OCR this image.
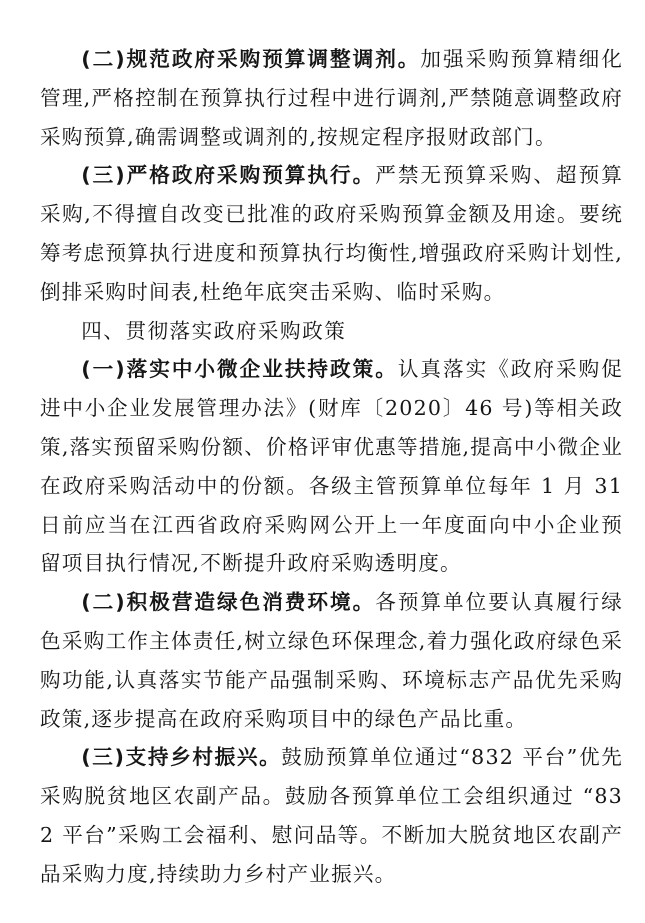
(二)规范政府采购预算调整调剂。加强采购预算精细化管理,严格控制在预算执行过程中进行调剂,严禁随意调整政府采购预算,确需调整或调剂的,按规定程序报财政部门。

(三)严格政府采购预算执行。严禁无预算采购、超预算采购,不得擅自改变已批准的政府采购预算金额及用途。要统筹考虑预算执行进度和预算执行均衡性,增强政府采购计划性,倒排采购时间表,杜绝年底突击采购、临时采购。

四、贯彻落实政府采购政策

(一)落实中小微企业扶持政策。认真落实《政府采购促进中小企业发展管理办法》(财库〔2020〕46 号)等相关政策,落实预留采购份额、价格评审优惠等措施,提高中小微企业在政府采购活动中的份额。各级主管预算单位每年 1 月 31 日前应当在江西省政府采购网公开上一年度面向中小企业预留项目执行情况,不断提升政府采购透明度。

(二)积极营造绿色消费环境。各预算单位要认真履行绿色采购工作主体责任,树立绿色环保理念,着力强化政府绿色采购功能,认真落实节能产品强制采购、环境标志产品优先采购政策,逐步提高在政府采购项目中的绿色产品比重。

(三)支持乡村振兴。鼓励预算单位通过“832 平台”优先采购脱贫地区农副产品。鼓励各预算单位工会组织通过 “832 平台”采购工会福利、慰问品等。不断加大脱贫地区农副产品采购力度,持续助力乡村产业振兴。
